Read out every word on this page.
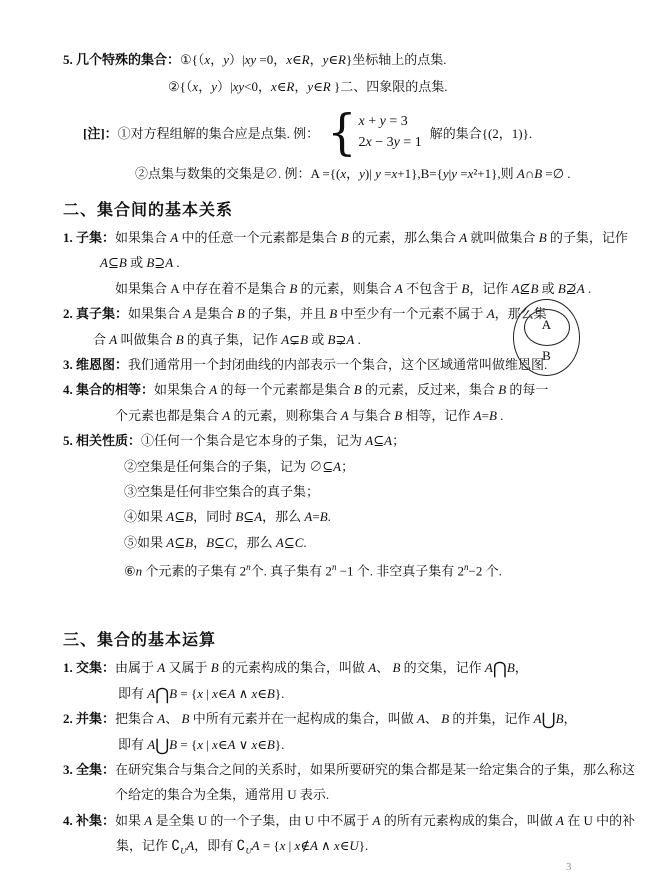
5. 几个特殊的集合：①{（x，y）|xy =0，x∈R，y∈R}坐标轴上的点集.
②{（x，y）|xy<0，x∈R，y∈R }二、四象限的点集.
[注]： ①对方程组解的集合应是点集. 例： { x + y = 3
2x − 3y = 1
解的集合{(2，1)}.
②点集与数集的交集是∅. 例：A ={(x，y)| y =x+1},B={y|y =x²+1},则 A∩B =∅ .
二、集合间的基本关系
1. 子集：如果集合 A 中的任意一个元素都是集合 B 的元素，那么集合 A 就叫做集合 B 的子集，记作
A⊆B 或 B⊇A .
如果集合 A 中存在着不是集合 B 的元素，则集合 A 不包含于 B，记作 A⊈B 或 B⊉A .
2. 真子集：如果集合 A 是集合 B 的子集，并且 B 中至少有一个元素不属于 A，那么集
合 A 叫做集合 B 的真子集，记作 A⊊B 或 B⊋A .
3. 维恩图：我们通常用一个封闭曲线的内部表示一个集合，这个区域通常叫做维恩图.
4. 集合的相等：如果集合 A 的每一个元素都是集合 B 的元素，反过来，集合 B 的每一
个元素也都是集合 A 的元素，则称集合 A 与集合 B 相等，记作 A=B .
5. 相关性质：①任何一个集合是它本身的子集，记为 A⊆A；
②空集是任何集合的子集，记为 ∅⊆A；
③空集是任何非空集合的真子集；
④如果 A⊆B，同时 B⊆A，那么 A=B.
⑤如果 A⊆B，B⊆C，那么 A⊆C.
⑥n 个元素的子集有 2$^n$个. 真子集有 $2^n -1$ 个. 非空真子集有 $2^n-2$ 个.
三、集合的基本运算
1. 交集：由属于 A 又属于 B 的元素构成的集合，叫做 A、 B 的交集，记作 A⋂B，
即有 A⋂B = {x | x∈A ∧ x∈B}.
2. 并集：把集合 A、 B 中所有元素并在一起构成的集合，叫做 A、 B 的并集，记作 A⋃B，
即有 A⋃B = {x | x∈A ∨ x∈B}.
3. 全集：在研究集合与集合之间的关系时，如果所要研究的集合都是某一给定集合的子集，那么称这
个给定的集合为全集，通常用 U 表示.
4. 补集：如果 A 是全集 U 的一个子集，由 U 中不属于 A 的所有元素构成的集合，叫做 A 在 U 中的补
集，记作 $∁_UA$，即有 $∁_UA = \{x$ | x∉A ∧ x∈U}.
A
B
3
